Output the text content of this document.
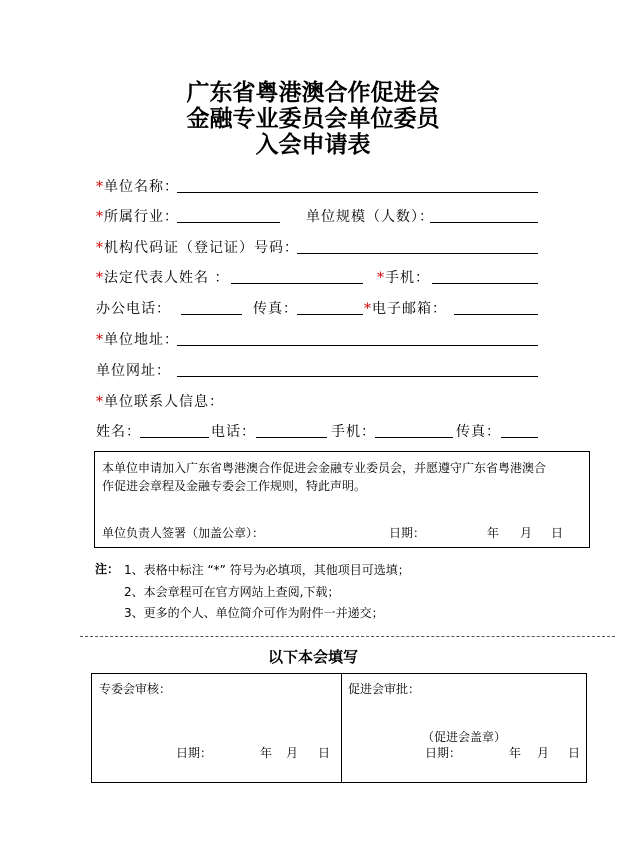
广东省粤港澳合作促进会
金融专业委员会单位委员
入会申请表
*单位名称：
*所属行业：	单位规模（人数）：
*机构代码证（登记证）号码：
*法定代表人姓名 ：	*手机：
办公电话：	传真：	*电子邮箱：
*单位地址：
单位网址：
*单位联系人信息：
姓名：	电话：	手机：	传真：
本单位申请加入广东省粤港澳合作促进会金融专业委员会，并愿遵守广东省粤港澳合
作促进会章程及金融专委会工作规则，特此声明。
单位负责人签署（加盖公章）：	日期：	年 月 日
注： 1、表格中标注 “*” 符号为必填项，其他项目可选填；
2、本会章程可在官方网站上查阅,下载；
3、更多的个人、单位简介可作为附件一并递交；
以下本会填写
专委会审核：
日期：	年 月 日
促进会审批：
（促进会盖章）
日期：	年 月 日
